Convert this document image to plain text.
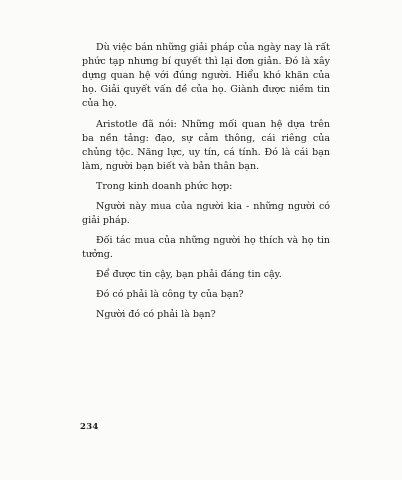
Dù việc bán những giải pháp của ngày nay là rất phức tạp nhưng bí quyết thì lại đơn giản. Đó là xây dựng quan hệ với đúng người. Hiểu khó khăn của họ. Giải quyết vấn đề của họ. Giành được niềm tin của họ.

Aristotle đã nói: Những mối quan hệ dựa trên ba nền tảng: đạo, sự cảm thông, cái riêng của chủng tộc. Năng lực, uy tín, cá tính. Đó là cái bạn làm, người bạn biết và bản thân bạn.

Trong kinh doanh phức hợp:

Người này mua của người kia - những người có giải pháp.

Đối tác mua của những người họ thích và họ tin tưởng.

Để được tin cậy, bạn phải đáng tin cậy.

Đó có phải là công ty của bạn?

Người đó có phải là bạn?

234
